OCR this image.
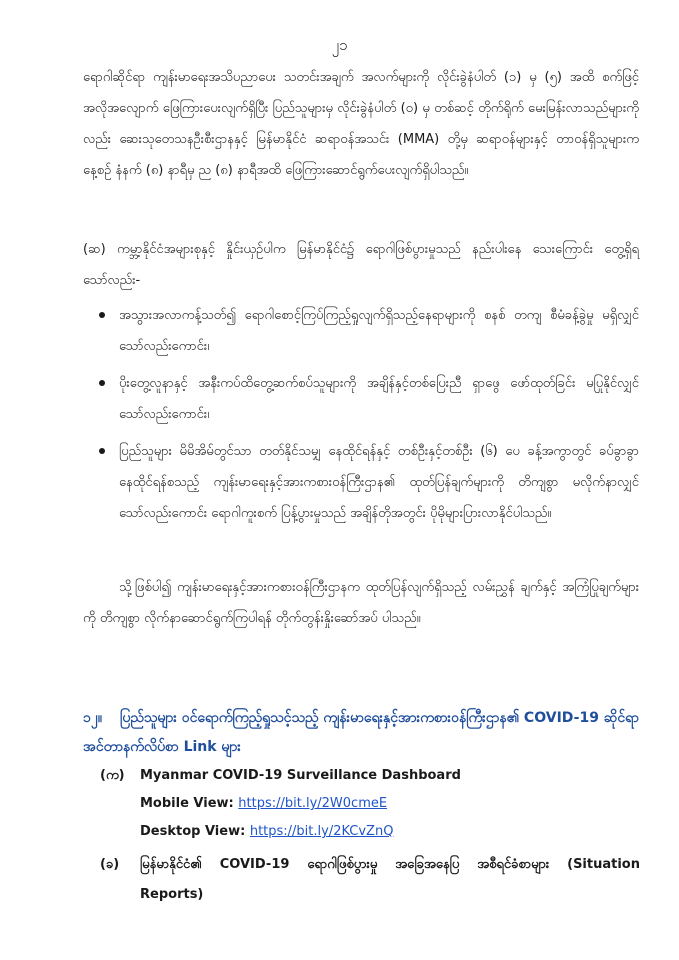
၂၁

ရောဂါဆိုင်ရာ ကျန်းမာရေးအသိပညာပေး သတင်းအချက် အလက်များကို လိုင်းခွဲနံပါတ် (၁) မှ (၅) အထိ စက်ဖြင့် အလိုအလျောက် ဖြေကြားပေးလျက်ရှိပြီး ပြည်သူများမှ လိုင်းခွဲနံပါတ် (၀) မှ တစ်ဆင့် တိုက်ရိုက် မေးမြန်းလာသည်များကိုလည်း ဆေးသုတေသနဦးစီးဌာနနှင့် မြန်မာနိုင်ငံ ဆရာဝန်အသင်း (MMA) တို့မှ ဆရာဝန်များနှင့် တာဝန်ရှိသူများက နေ့စဉ် နံနက် (၈) နာရီမှ ည (၈) နာရီအထိ ဖြေကြားဆောင်ရွက်ပေးလျက်ရှိပါသည်။

(ဆ) ကမ္ဘာ့နိုင်ငံအများစုနှင့် နှိုင်းယှဉ်ပါက မြန်မာနိုင်ငံ၌ ရောဂါဖြစ်ပွားမှုသည် နည်းပါးနေ သေးကြောင်း တွေ့ရှိရသော်လည်း-

အသွားအလာကန့်သတ်၍ ရောဂါစောင့်ကြပ်ကြည့်ရှုလျက်ရှိသည့်နေရာများကို စနစ် တကျ စီမံခန့်ခွဲမှု မရှိလျှင်သော်လည်းကောင်း၊
ပိုးတွေ့လူနာနှင့် အနီးကပ်ထိတွေ့ဆက်စပ်သူများကို အချိန်နှင့်တစ်ပြေးညီ ရှာဖွေ ဖော်ထုတ်ခြင်း မပြုနိုင်လျှင်သော်လည်းကောင်း၊
ပြည်သူများ မိမိအိမ်တွင်သာ တတ်နိုင်သမျှ နေထိုင်ရန်နှင့် တစ်ဦးနှင့်တစ်ဦး (၆) ပေ ခန့်အကွာတွင် ခပ်ခွာခွာနေထိုင်ရန်စသည့် ကျန်းမာရေးနှင့်အားကစားဝန်ကြီးဌာန၏ ထုတ်ပြန်ချက်များကို တိကျစွာ မလိုက်နာလျှင်သော်လည်းကောင်း ရောဂါကူးစက် ပြန့်ပွားမှုသည် အချိန်တိုအတွင်း ပိုမိုများပြားလာနိုင်ပါသည်။

သို့ဖြစ်ပါ၍ ကျန်းမာရေးနှင့်အားကစားဝန်ကြီးဌာနက ထုတ်ပြန်လျက်ရှိသည့် လမ်းညွှန် ချက်နှင့် အကြံပြုချက်များကို တိကျစွာ လိုက်နာဆောင်ရွက်ကြပါရန် တိုက်တွန်းနှိုးဆော်အပ် ပါသည်။

၁၂။ ပြည်သူများ ဝင်ရောက်ကြည့်ရှုသင့်သည့် ကျန်းမာရေးနှင့်အားကစားဝန်ကြီးဌာန၏ COVID-19 ဆိုင်ရာ အင်တာနက်လိပ်စာ Link များ

(က) Myanmar COVID-19 Surveillance Dashboard
Mobile View: https://bit.ly/2W0cmeE
Desktop View: https://bit.ly/2KCvZnQ
(ခ) မြန်မာနိုင်ငံ၏ COVID-19 ရောဂါဖြစ်ပွားမှု အခြေအနေပြ အစီရင်ခံစာများ (Situation Reports)
